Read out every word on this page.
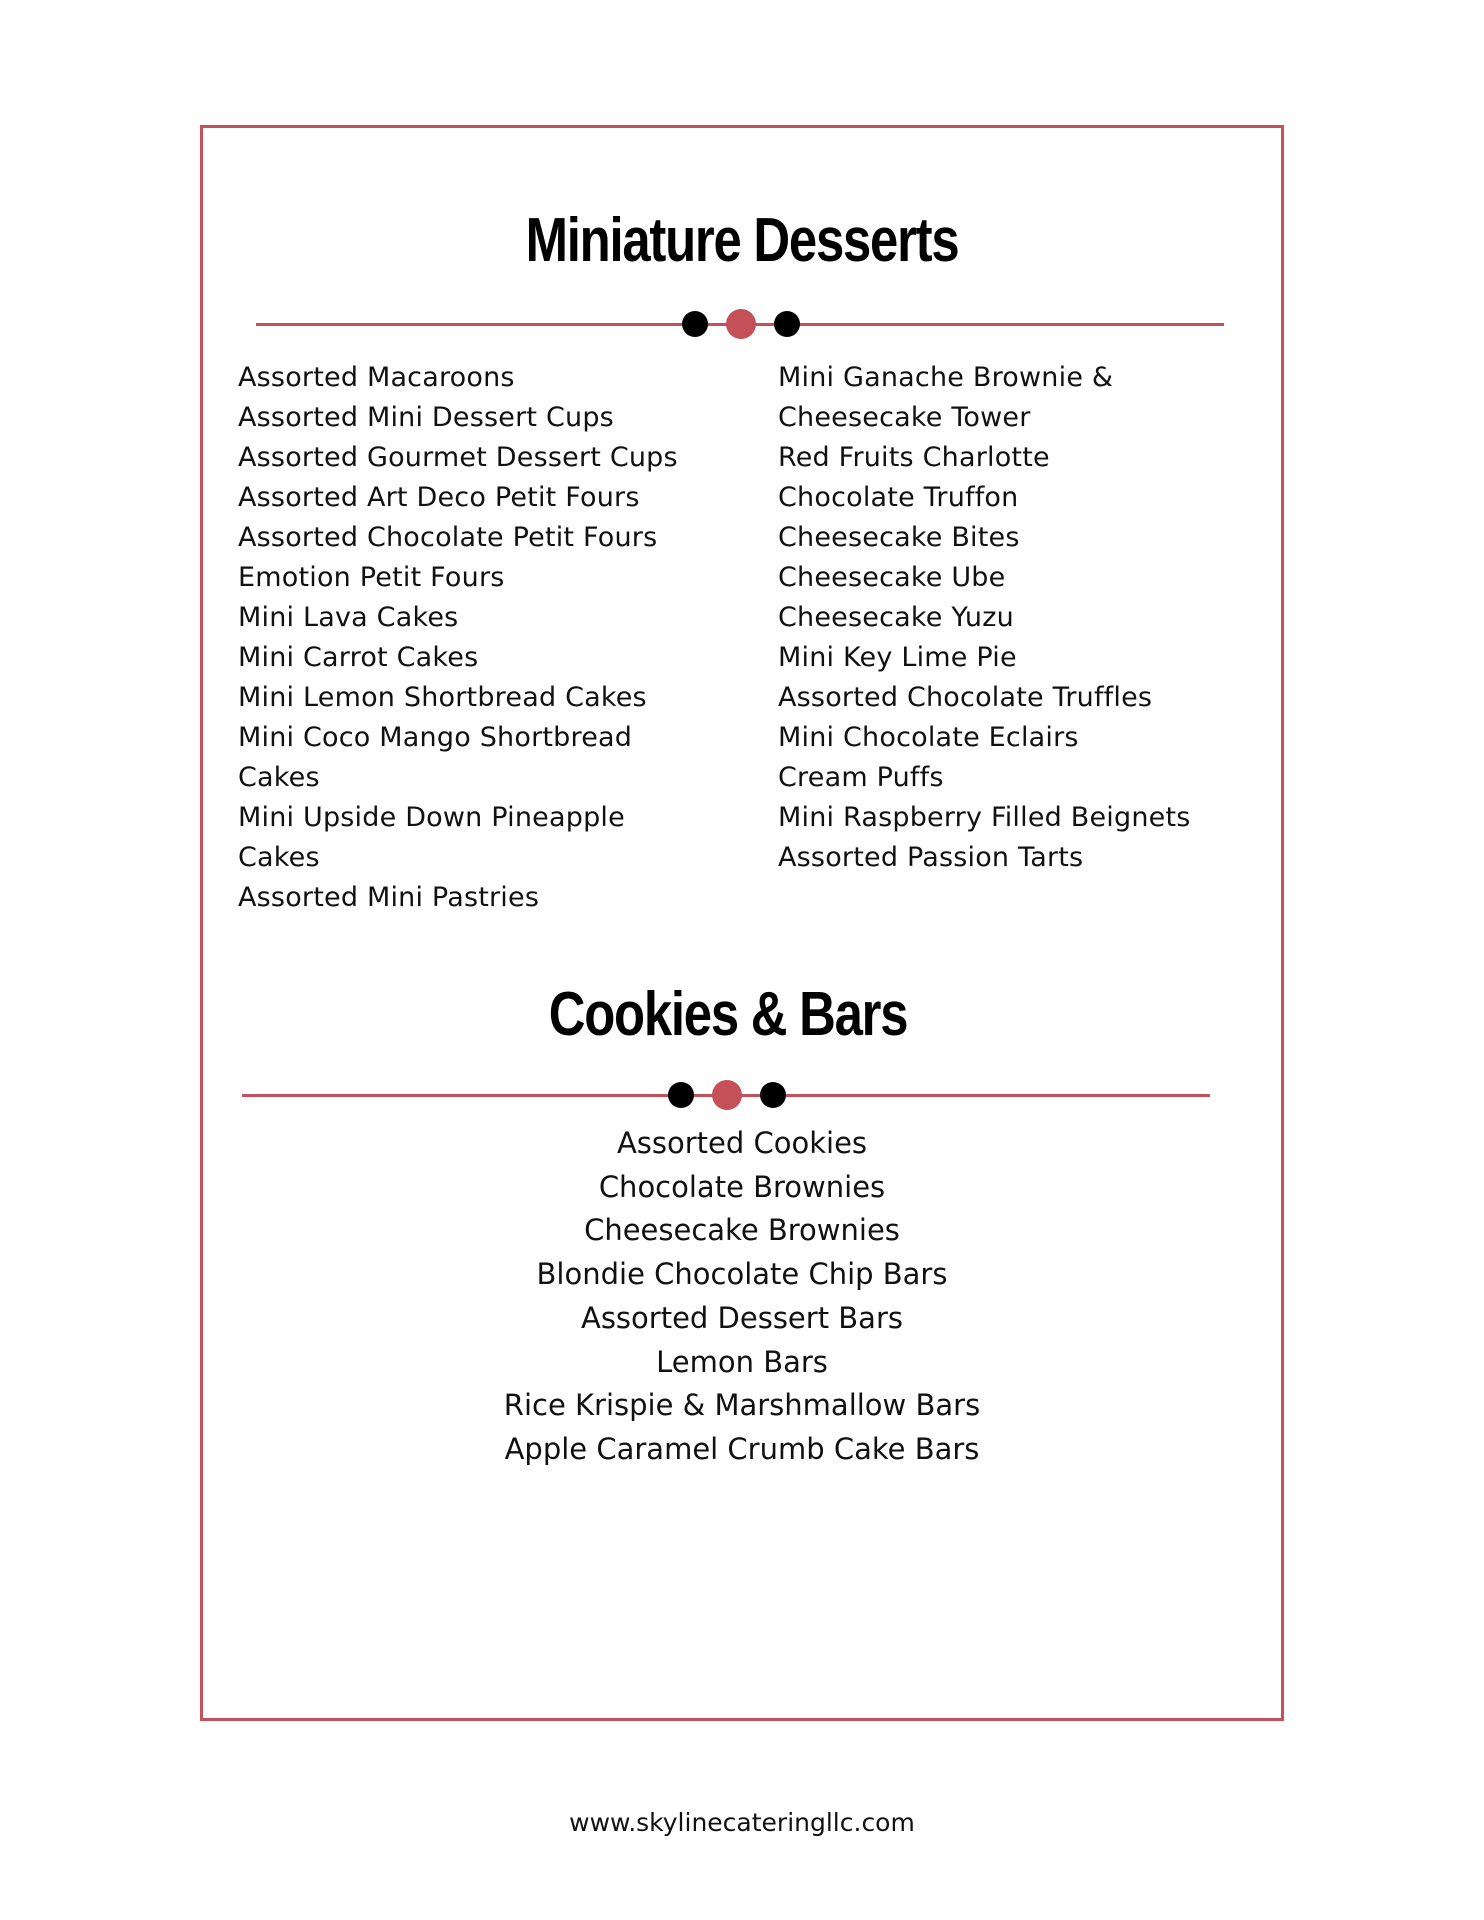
Miniature Desserts
Assorted Macaroons
Assorted Mini Dessert Cups
Assorted Gourmet Dessert Cups
Assorted Art Deco Petit Fours
Assorted Chocolate Petit Fours
Emotion Petit Fours
Mini Lava Cakes
Mini Carrot Cakes
Mini Lemon Shortbread Cakes
Mini Coco Mango Shortbread Cakes
Mini Upside Down Pineapple Cakes
Assorted Mini Pastries
Mini Ganache Brownie & Cheesecake Tower
Red Fruits Charlotte
Chocolate Truffon
Cheesecake Bites
Cheesecake Ube
Cheesecake Yuzu
Mini Key Lime Pie
Assorted Chocolate Truffles
Mini Chocolate Eclairs
Cream Puffs
Mini Raspberry Filled Beignets
Assorted Passion Tarts
Cookies & Bars
Assorted Cookies
Chocolate Brownies
Cheesecake Brownies
Blondie Chocolate Chip Bars
Assorted Dessert Bars
Lemon Bars
Rice Krispie & Marshmallow Bars
Apple Caramel Crumb Cake Bars
www.skylinecateringllc.com
